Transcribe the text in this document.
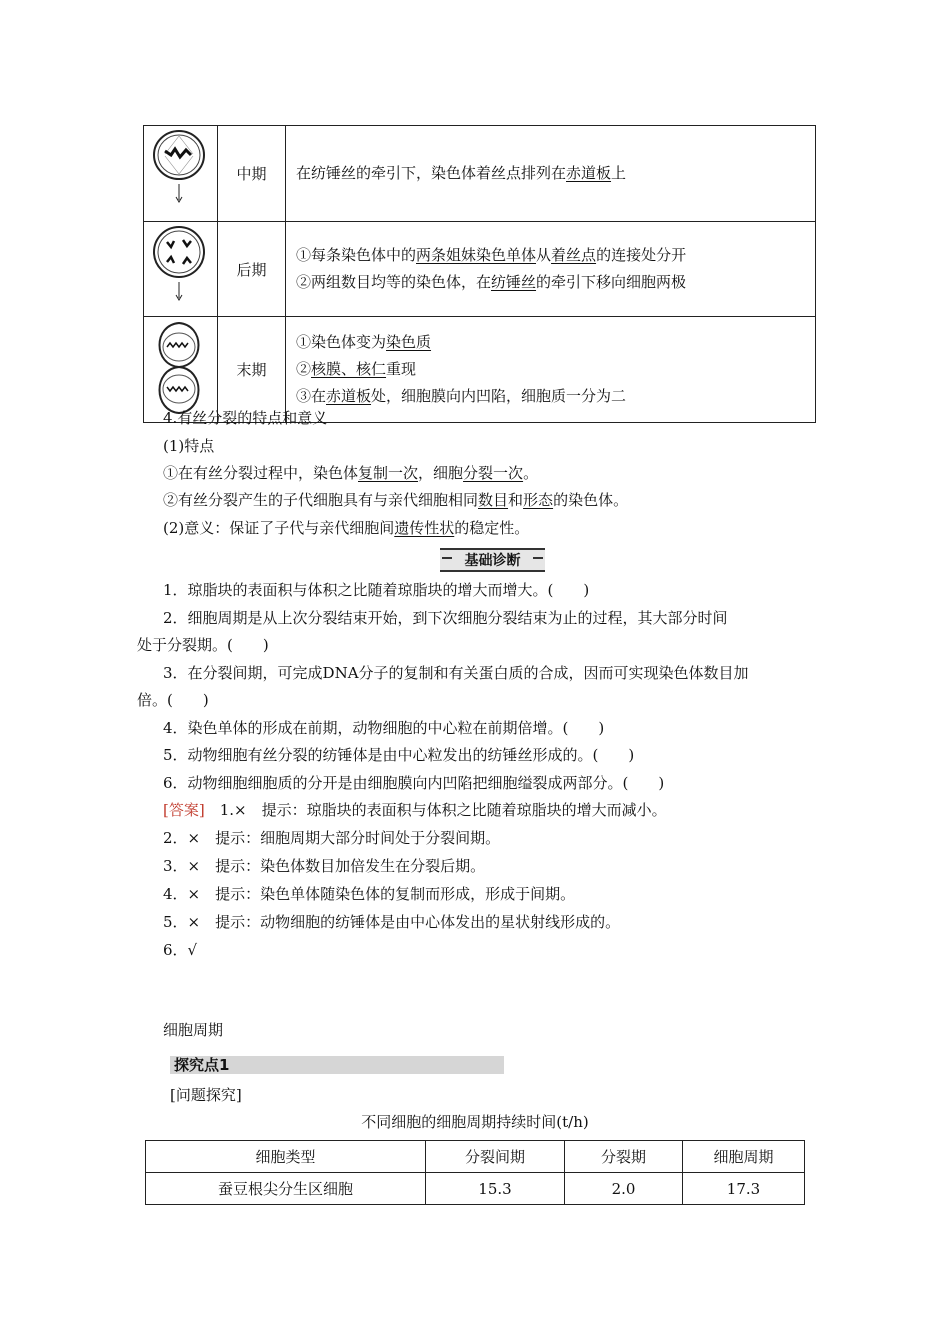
	中期	在纺锤丝的牵引下，染色体着丝点排列在赤道板上

	后期	①每条染色体中的两条姐妹染色单体从着丝点的连接处分开
②两组数目均等的染色体，在纺锤丝的牵引下移向细胞两极

	末期	①染色体变为染色质
②核膜、核仁重现
③在赤道板处，细胞膜向内凹陷，细胞质一分为二
4.有丝分裂的特点和意义
(1)特点
①在有丝分裂过程中，染色体复制一次，细胞分裂一次。
②有丝分裂产生的子代细胞具有与亲代细胞相同数目和形态的染色体。
(2)意义：保证了子代与亲代细胞间遗传性状的稳定性。
基础诊断
1．琼脂块的表面积与体积之比随着琼脂块的增大而增大。(　　)
2．细胞周期是从上次分裂结束开始，到下次细胞分裂结束为止的过程，其大部分时间
处于分裂期。(　　)
3．在分裂间期，可完成DNA分子的复制和有关蛋白质的合成，因而可实现染色体数目加
倍。(　　)
4．染色单体的形成在前期，动物细胞的中心粒在前期倍增。(　　)
5．动物细胞有丝分裂的纺锤体是由中心粒发出的纺锤丝形成的。(　　)
6．动物细胞细胞质的分开是由细胞膜向内凹陷把细胞缢裂成两部分。(　　)
[答案]　1.×　提示：琼脂块的表面积与体积之比随着琼脂块的增大而减小。
2．×　提示：细胞周期大部分时间处于分裂间期。
3．×　提示：染色体数目加倍发生在分裂后期。
4．×　提示：染色单体随染色体的复制而形成，形成于间期。
5．×　提示：动物细胞的纺锤体是由中心体发出的星状射线形成的。
6．√
细胞周期
探究点1
[问题探究]
不同细胞的细胞周期持续时间(t/h)
细胞类型	分裂间期	分裂期	细胞周期
蚕豆根尖分生区细胞	15.3	2.0	17.3
